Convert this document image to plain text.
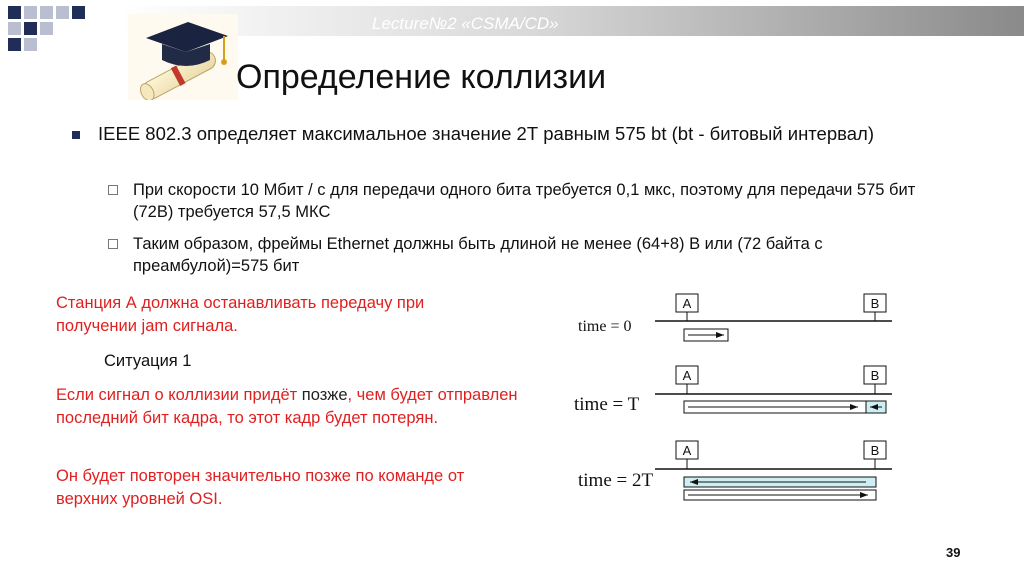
Lecture№2 «CSMA/CD»
Определение коллизии
IEEE 802.3 определяет максимальное значение 2Т равным 575 bt (bt - битовый интервал)
При скорости 10 Мбит / с для передачи одного бита требуется 0,1 мкс, поэтому для передачи 575 бит (72В) требуется 57,5 МКС
Таким образом, фреймы Ethernet должны быть длиной не менее (64+8) В или (72 байта с преамбулой)=575 бит
Станция А должна останавливать передачу при получении jam сигнала.
Ситуация 1
Если сигнал о коллизии придёт позже, чем будет отправлен последний бит кадра, то этот кадр будет потерян.
Он будет повторен значительно позже по команде от верхних уровней OSI.
time = 0
A	B
time = T
A	B
time = 2T
A	B
39
